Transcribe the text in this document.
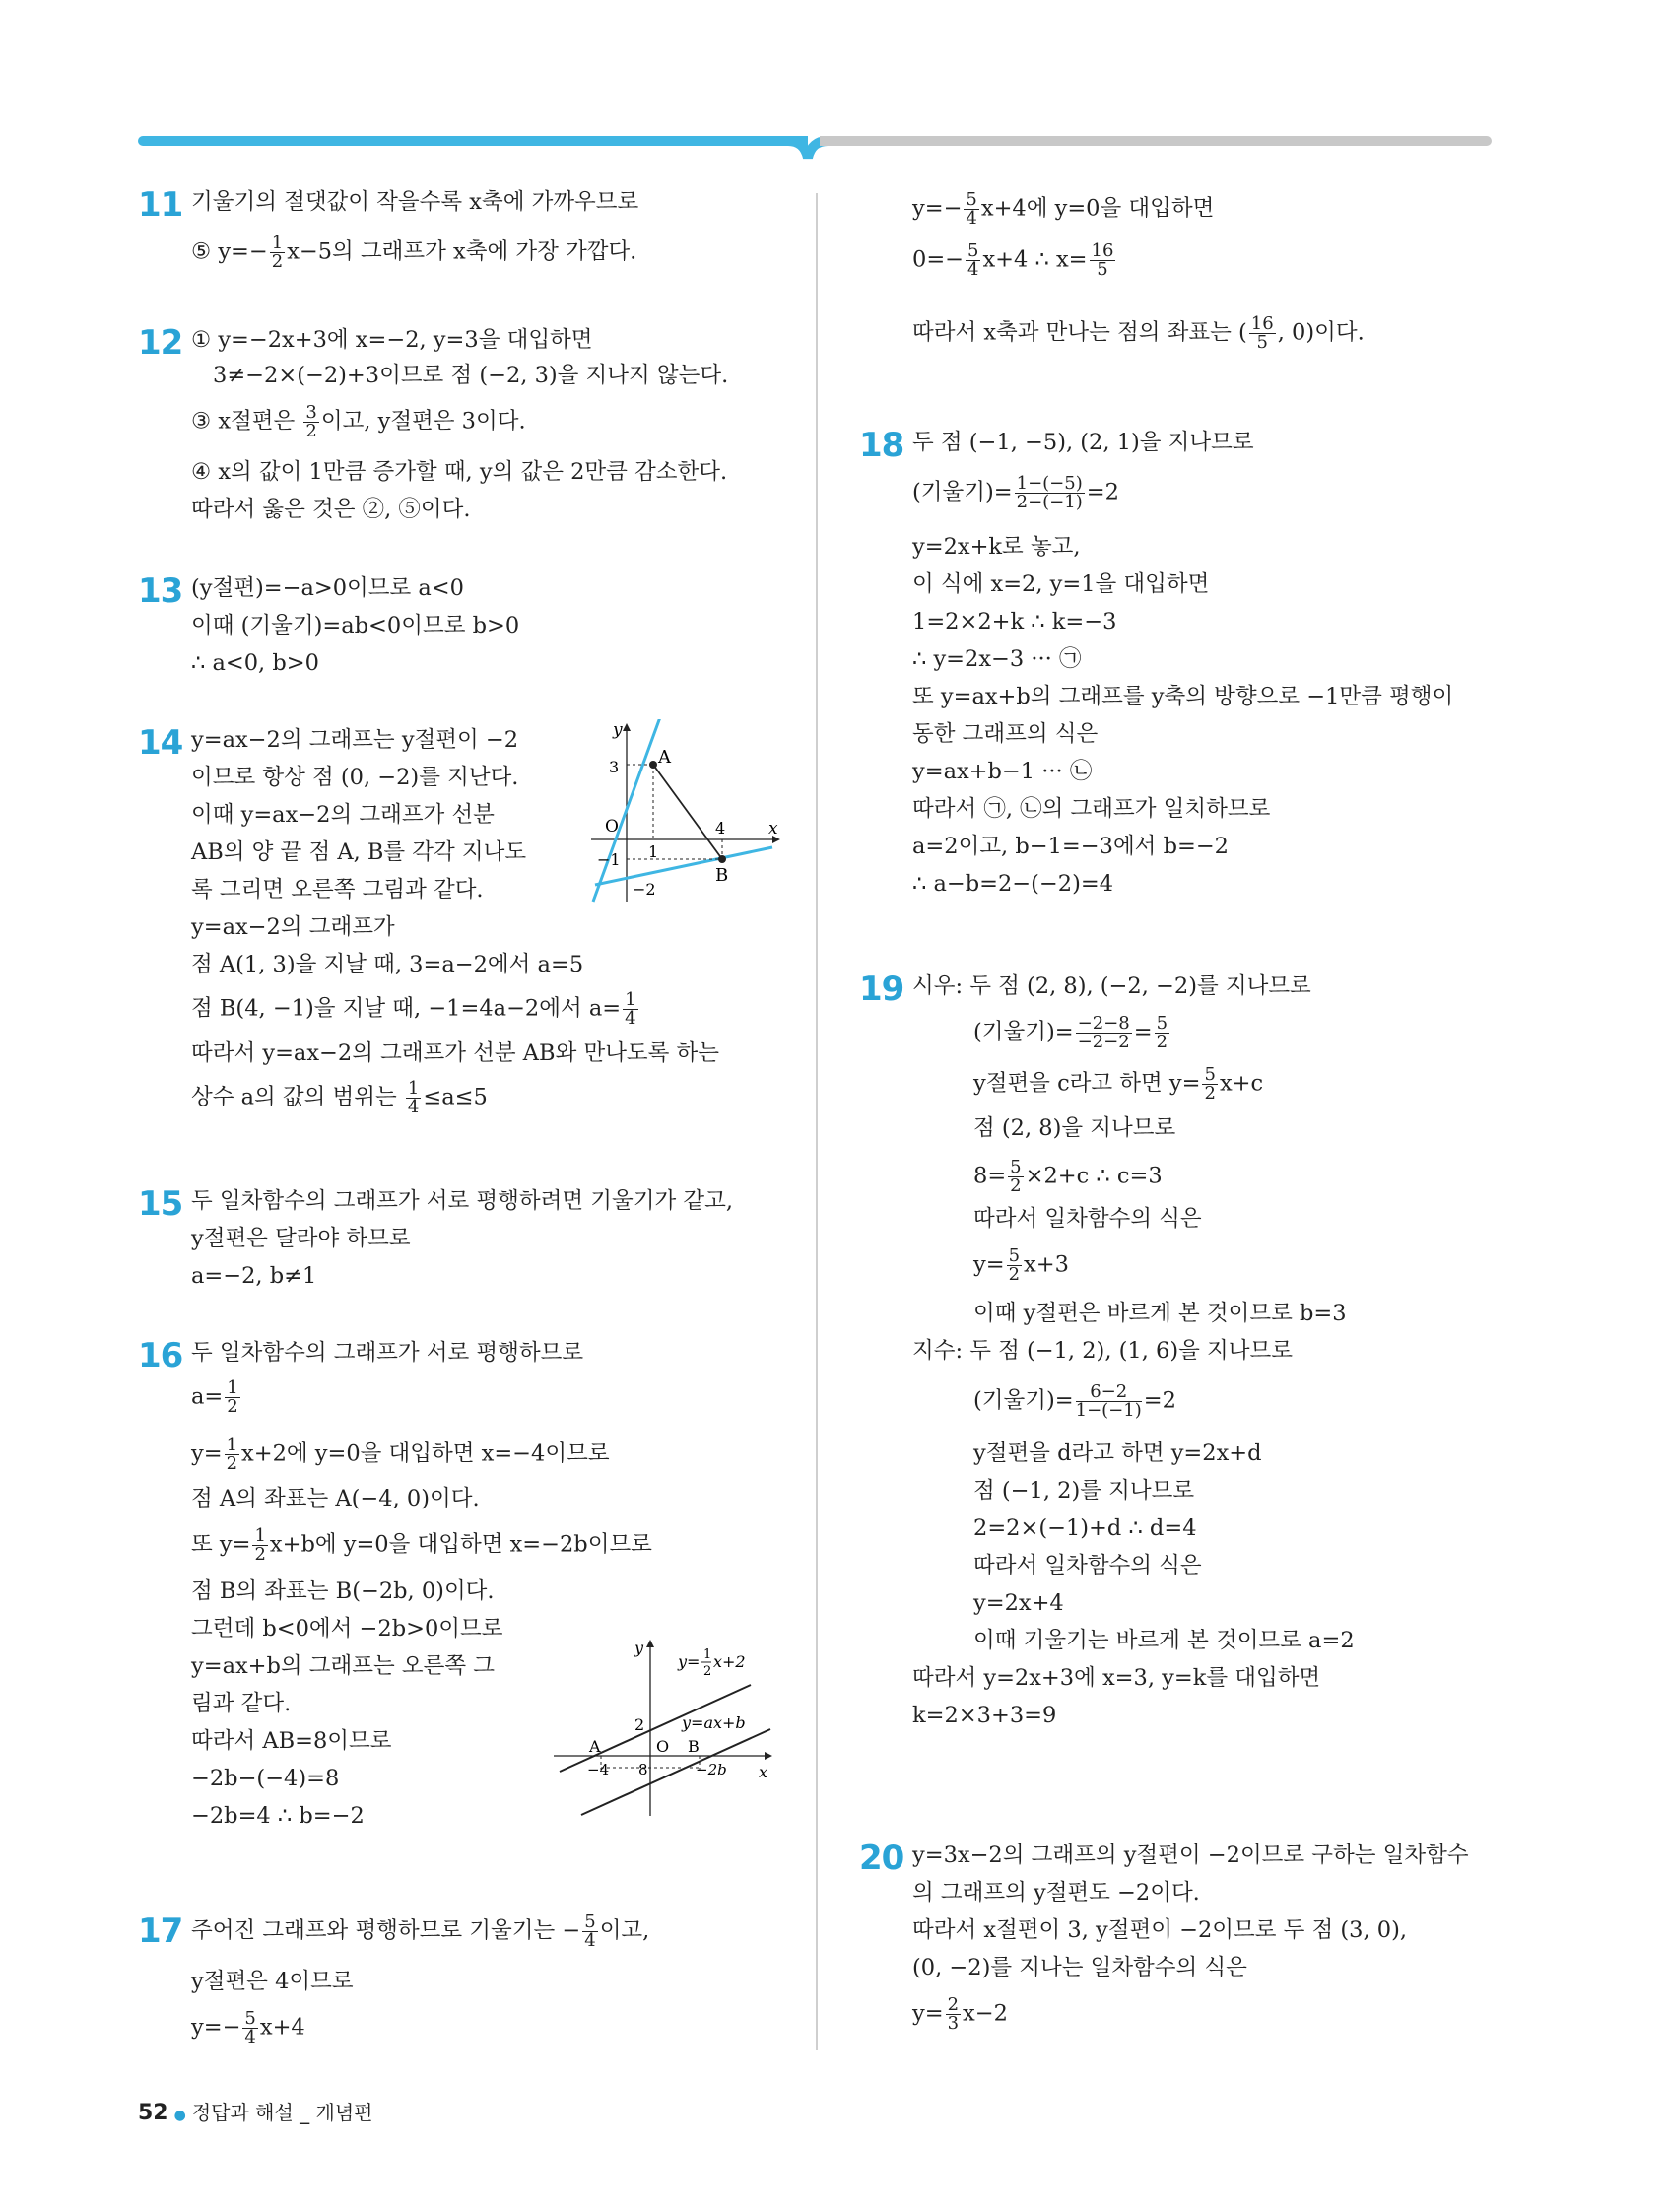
11 기울기의 절댓값이 작을수록 x축에 가까우므로
⑤ $y=- \frac{1}{2} x-5$의 그래프가 x축에 가장 가깝다.
12 ① y=−2x+3에 x=−2, y=3을 대입하면
3≠−2×(−2)+3이므로 점 (−2, 3)을 지나지 않는다.
③ x절편은 $\frac{3}{2}$ 이고, y절편은 3이다.
④ x의 값이 1만큼 증가할 때, y의 값은 2만큼 감소한다.
따라서 옳은 것은 ②, ⑤이다.
13 (y절편)=−a>0이므로 a<0
이때 (기울기)=ab<0이므로 b>0
∴ a<0, b>0
14 y=ax−2의 그래프는 y절편이 −2
이므로 항상 점 (0, −2)를 지난다.
이때 y=ax−2의 그래프가 선분
AB의 양 끝 점 A, B를 각각 지나도
록 그리면 오른쪽 그림과 같다.
y=ax−2의 그래프가
점 A(1, 3)을 지날 때, 3=a−2에서 a=5
점 B(4, −1)을 지날 때, −1=4a−2에서 $a= \frac{1}{4}$
따라서 y=ax−2의 그래프가 선분 AB와 만나도록 하는
상수 a의 값의 범위는 $\frac{1}{4} \le a\le 5$
y
x
O
A
B
3
4
1
−1
−2
15 두 일차함수의 그래프가 서로 평행하려면 기울기가 같고,
y절편은 달라야 하므로
a=−2, b≠1
16 두 일차함수의 그래프가 서로 평행하므로
$a= \frac{1}{2}$
$y= \frac{1}{2} x+2$에 y=0을 대입하면 x=−4이므로
점 A의 좌표는 A(−4, 0)이다.
또 $y= \frac{1}{2} x+b$에 y=0을 대입하면 x=−2b이므로
점 B의 좌표는 B(−2b, 0)이다.
그런데 b<0에서 −2b>0이므로
y=ax+b의 그래프는 오른쪽 그
림과 같다.
따라서 AB=8이므로
−2b−(−4)=8
−2b=4 ∴ b=−2
y
x
y= 1
2
x+2
y=ax+b
2
A	O B
−4 8	−2b
17 주어진 그래프와 평행하므로 기울기는 − $\frac{5}{4}$ 이고,
y절편은 4이므로
$y=- \frac{5}{4} x+4$
$y=- \frac{5}{4} x+4$에 y=0을 대입하면
$0=- \frac{5}{4} x+4$ ∴ $x= \frac{16}{5}$
따라서 x축과 만나는 점의 좌표는 ( $\frac{16}{5}$ , 0)이다.
18 두 점 (−1, −5), (2, 1)을 지나므로
(기울기)= $\frac{1-(-5)}{2-(-1)} =2$
y=2x+k로 놓고,
이 식에 x=2, y=1을 대입하면
1=2×2+k ∴ k=−3
∴ y=2x−3 ··· ㉠
또 y=ax+b의 그래프를 y축의 방향으로 −1만큼 평행이
동한 그래프의 식은
y=ax+b−1 ··· ㉡
따라서 ㉠, ㉡의 그래프가 일치하므로
a=2이고, b−1=−3에서 b=−2
∴ a−b=2−(−2)=4
19 시우: 두 점 (2, 8), (−2, −2)를 지나므로
(기울기)= $\frac{-2-8}{-2-2} = \frac{5}{2}$
y절편을 c라고 하면 $y= \frac{5}{2} x+c$
점 (2, 8)을 지나므로
$8= \frac{5}{2} \times 2+c$ ∴ c=3
따라서 일차함수의 식은
$y= \frac{5}{2} x+3$
이때 y절편은 바르게 본 것이므로 b=3
지수: 두 점 (−1, 2), (1, 6)을 지나므로
(기울기)= $\frac{6-2}{1-(-1)} =2$
y절편을 d라고 하면 y=2x+d
점 (−1, 2)를 지나므로
2=2×(−1)+d ∴ d=4
따라서 일차함수의 식은
y=2x+4
이때 기울기는 바르게 본 것이므로 a=2
따라서 y=2x+3에 x=3, y=k를 대입하면
k=2×3+3=9
20 y=3x−2의 그래프의 y절편이 −2이므로 구하는 일차함수
의 그래프의 y절편도 −2이다.
따라서 x절편이 3, y절편이 −2이므로 두 점 (3, 0),
(0, −2)를 지나는 일차함수의 식은
$y= \frac{2}{3} x-2$
52 ● 정답과 해설 _ 개념편
